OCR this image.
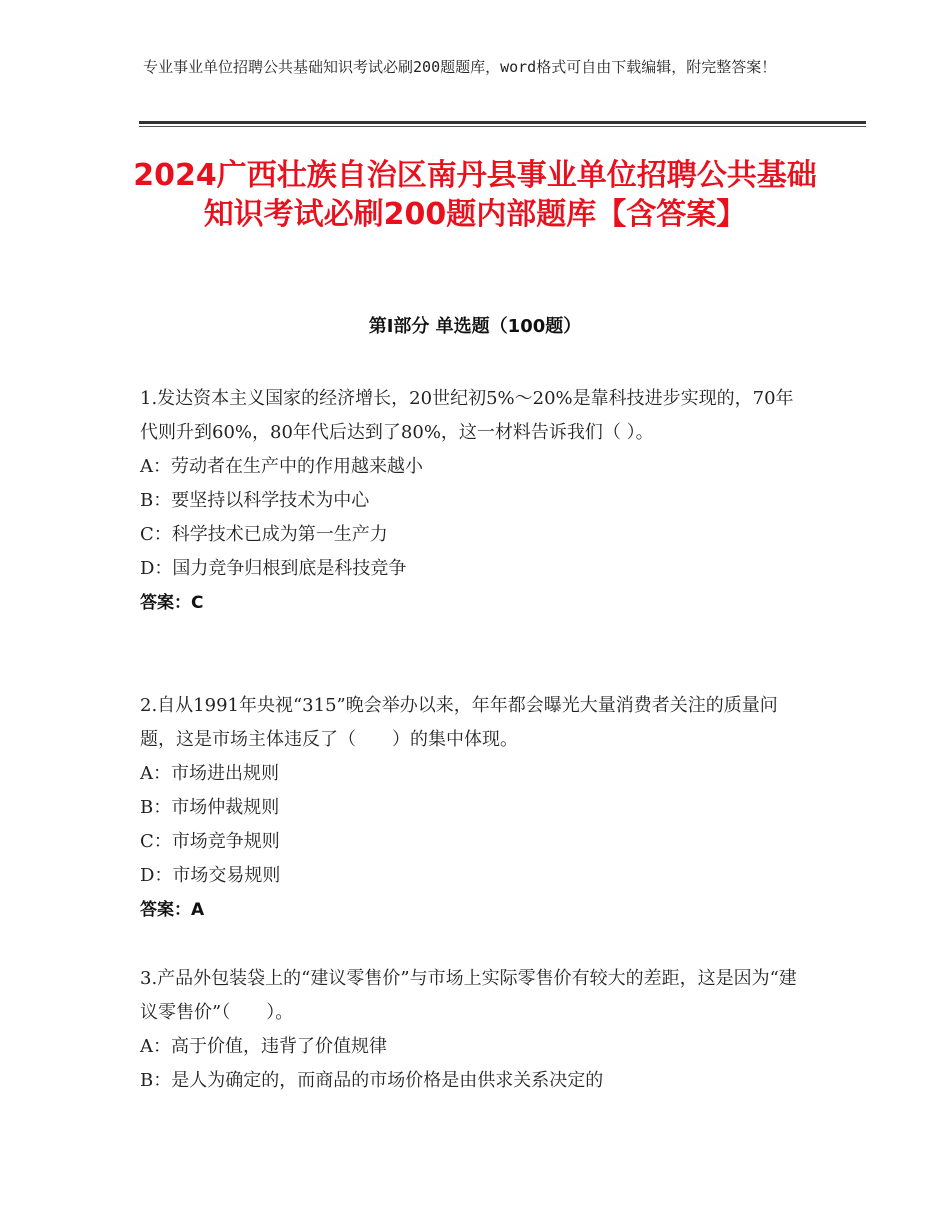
专业事业单位招聘公共基础知识考试必刷200题题库，word格式可自由下载编辑，附完整答案！
2024广西壮族自治区南丹县事业单位招聘公共基础知识考试必刷200题内部题库【含答案】
第Ⅰ部分 单选题（100题）

1.发达资本主义国家的经济增长，20世纪初5%～20%是靠科技进步实现的，70年代则升到60%，80年代后达到了80%，这一材料告诉我们（ ）。

A：劳动者在生产中的作用越来越小

B：要坚持以科学技术为中心

C：科学技术已成为第一生产力

D：国力竞争归根到底是科技竞争

答案：C

2.自从1991年央视“315”晚会举办以来，年年都会曝光大量消费者关注的质量问题，这是市场主体违反了（　　）的集中体现。

A：市场进出规则

B：市场仲裁规则

C：市场竞争规则

D：市场交易规则

答案：A

3.产品外包装袋上的“建议零售价”与市场上实际零售价有较大的差距，这是因为“建议零售价”（　　）。

A：高于价值，违背了价值规律

B：是人为确定的，而商品的市场价格是由供求关系决定的
